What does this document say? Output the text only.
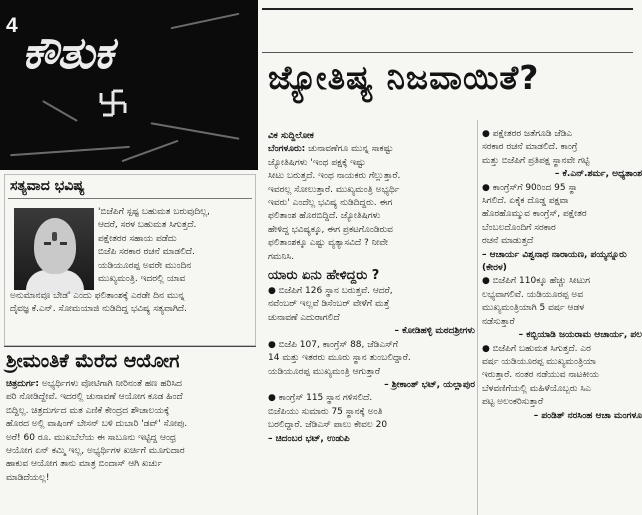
4
ಕೌತುಕ	ಜ್ಯೋತಿಷ್ಯ ನಿಜವಾಯಿತೆ?
ಸತ್ಯವಾದ ಭವಿಷ್ಯ
'ಬಿಜೆಪಿಗೆ ಸ್ಪಷ್ಟ ಬಹುಮತ ಬರುವುದಿಲ್ಲ,
ಆದರೆ, ಸರಳ ಬಹುಮತ ಸಿಗುತ್ತದೆ.
ಪಕ್ಷೇತರರ ಸಹಾಯ ಪಡೆದು
ಬಿಜೆಪಿ ಸರಕಾರ ರಚನೆ ಮಾಡಲಿದೆ.
ಯಡಿಯೂರಪ್ಪ ಅವರೇ ಮುಂದಿನ
ಮುಖ್ಯಮಂತ್ರಿ. ಇದರಲ್ಲಿ ಯಾವ
ಅನುಮಾನವೂ ಬೇಡ' ಎಂದು ಫಲಿತಾಂಶಕ್ಕೆ ಎರಡೇ ದಿನ ಮುನ್ನ
ದೈವಜ್ಞ ಕೆ.ಎನ್. ಸೋಮಯಾಜಿ ನುಡಿದಿದ್ದ ಭವಿಷ್ಯ ಸತ್ಯವಾಗಿದೆ.
ಶ್ರೀಮಂತಿಕೆ ಮೆರೆದ ಆಯೋಗ
ಚಿತ್ರದುರ್ಗ: ಅಭ್ಯರ್ಥಿಗಳು ವೋಟಿಗಾಗಿ ನೀರಿನಂತೆ ಹಣ ಹರಿಸಿದ
ಪರಿ ನೋಡಿದ್ದೇವೆ. ಇದರಲ್ಲಿ ಚುನಾವಣೆ ಆಯೋಗ ಕೂಡ ಹಿಂದೆ
ಬಿದ್ದಿಲ್ಲ. ಚಿತ್ರದುರ್ಗದ ಮತ ಎಣಿಕೆ ಕೇಂದ್ರದ ಶೌಚಾಲಯಕ್ಕೆ
ಹೊರದ ಅಲ್ಲಿ ವಾಷಿಂಗ್ ಬೇಸನ್ ಬಳಿ ದುಬಾರಿ 'ಡವ್' ಸೋಪು.
ಅರೆ! 60 ರೂ. ಮುಖಬೆಲೆಯ ಈ ಸಾಬೂನು ಇಟ್ಟಿದ್ದ ಆಂಧ್ರ
ಆಯೋಗ ಏನ್ ಕಮ್ಮಿ ಇಲ್ಲ, ಅಭ್ಯರ್ಥಿಗಳ ಖರ್ಚಿಗೆ ಮೂಗುದಾರ
ಹಾಕುವ ಆಯೋಗ ತಾನು ಮಾತ್ರ ಬಿಂದಾಸ್ ಆಗಿ ಖರ್ಚು
ಮಾಡಿದೆಯಲ್ಲ!
ವಿಕ ಸುದ್ದಿಲೋಕ
ಬೆಂಗಳೂರು: ಚುನಾವಣೆಗೂ ಮುನ್ನ ಸಾಕಷ್ಟು
ಜ್ಯೋತಿಷಿಗಳು 'ಇಂಥ ಪಕ್ಷಕ್ಕೆ ಇಷ್ಟು
ಸೀಟು ಬರುತ್ತದೆ. ಇಂಥ ನಾಯಕರು ಗೆಲ್ಲುತ್ತಾರೆ.
ಇವರಲ್ಲ ಸೋಲುತ್ತಾರೆ. ಮುಖ್ಯಮಂತ್ರಿ ಅಭ್ಯರ್ಥಿ
ಇವರು' ಎಂದೆಲ್ಲ ಭವಿಷ್ಯ ನುಡಿದಿದ್ದರು. ಈಗ
ಫಲಿತಾಂಶ ಹೊರಬಿದ್ದಿದೆ. ಜ್ಯೋತಿಷಿಗಳು
ಹೇಳಿದ್ದ ಭವಿಷ್ಯಕ್ಕೂ, ಈಗ ಪ್ರಕಟಗೊಂಡಿರುವ
ಫಲಿತಾಂಶಕ್ಕೂ ಎಷ್ಟು ವ್ಯತ್ಯಾಸವಿದೆ ? ನೀವೇ
ಗಮನಿಸಿ.
ಯಾರು ಏನು ಹೇಳಿದ್ದರು ?
● ಬಿಜೆಪಿಗೆ 126 ಸ್ಥಾನ ಬರುತ್ತವೆ. ಆದರೆ,
ನವೆಂಬರ್ ಇಲ್ಲವೆ ಡಿಸೆಂಬರ್ ವೇಳೆಗೆ ಮತ್ತೆ
ಚುನಾವಣೆ ಎದುರಾಗಲಿದೆ
– ಕೋಡಿಹಳ್ಳಿ ಮಠದಶ್ರೀಗಳು
● ಬಿಜೆಪಿ 107, ಕಾಂಗ್ರೆಸ್ 88, ಜೆಡಿಎಸ್‌ಗೆ
14 ಮತ್ತು ಇತರರು ಮೂರು ಸ್ಥಾನ ತುಂಬಲಿದ್ದಾರೆ.
ಯಡಿಯೂರಪ್ಪ ಮುಖ್ಯಮಂತ್ರಿ ಆಗುತ್ತಾರೆ
– ಶ್ರೀಕಾಂತ್ ಭಟ್, ಯಲ್ಲಾಪುರ
● ಕಾಂಗ್ರೆಸ್ 115 ಸ್ಥಾನ ಗಳಿಸಲಿದೆ.
ಬಿಜೆಪಿಯು ಸುಮಾರು 75 ಸ್ಥಾನಕ್ಕೆ ಅಂತಿ
ಬರಲಿದ್ದಾರೆ. ಜೆಡಿಎಸ್ ಪಾಲು ಕೇವಲ 20
– ಚಿದಂಬರ ಭಟ್, ಉಡುಪಿ
● ಪಕ್ಷೇತರರ ಜತೆಗೂಡಿ ಜೆಡಿಎ
ಸರಕಾರ ರಚನೆ ಮಾಡಲಿದೆ. ಕಾಂಗ್ರೆ
ಮತ್ತು ಬಿಜೆಪಿಗೆ ಪ್ರತಿಪಕ್ಷ ಸ್ಥಾನವೇ ಗಟ್ಟಿ
– ಕೆ.ಎನ್.ಶರ್ಮ, ಅಧ್ಯತಾಂಶ
● ಕಾಂಗ್ರೆಸ್‌ಗೆ 90ರಿಂದ 95 ಸ್ಥಾ
ಸಿಗಲಿದೆ. ಏಕೈಕ ದೊಡ್ಡ ಪಕ್ಷವಾ
ಹೊರಹೊಮ್ಮುವ ಕಾಂಗ್ರೆಸ್, ಪಕ್ಷೇತರ
ಬೆಂಬಲದೊಂದಿಗೆ ಸರಕಾರ
ರಚನೆ ಮಾಡುತ್ತದೆ
– ಆಚಾರ್ಯ ವಿಶ್ವನಾಥ ನಾರಾಯಣ, ಪಯ್ಯನ್ನೂರು (ಕೇರಳ)
● ಬಿಜೆಪಿಗೆ 110ಕ್ಕೂ ಹೆಚ್ಚು ಸೀಟುಗ
ಲಭ್ಯವಾಗಲಿವೆ. ಯಡಿಯೂರಪ್ಪ ಅವ
ಮುಖ್ಯಮಂತ್ರಿಯಾಗಿ 5 ವರ್ಷ ಆಡಳ
ನಡೆಸುತ್ತಾರೆ
– ಕಬ್ಬಿಯಾಡಿ ಜಯರಾಮ ಆಚಾರ್ಯ, ಪಲ
● ಬಿಜೆಪಿಗೆ ಬಹುಮತ ಸಿಗುತ್ತದೆ. ಎರ
ವರ್ಷ ಯಡಿಯೂರಪ್ಪ ಮುಖ್ಯಮಂತ್ರಿಯಾ
ಇರುತ್ತಾರೆ. ನಂತರ ನಡೆಯುವ ನಾಟಕೀಯ
ಬೆಳವಣಿಗೆಯಲ್ಲಿ ಮಹಿಳೆಯೊಬ್ಬರು ಸಿಎ
ಪಟ್ಟ ಅಲಂಕರಿಸುತ್ತಾರೆ
– ಪಂಡಿತ್ ನರಸಿಂಹ ಆಚಾ ಮಂಗಳೂ
